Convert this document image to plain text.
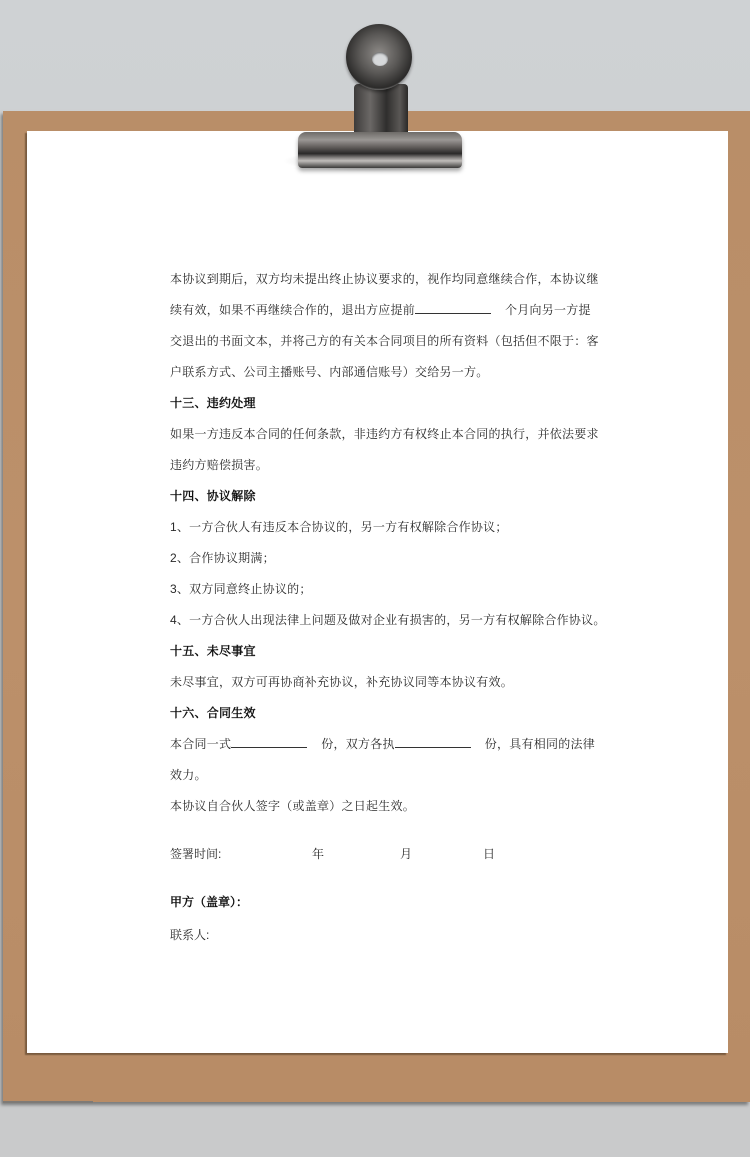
本协议到期后，双方均未提出终止协议要求的，视作均同意继续合作，本协议继
续有效，如果不再继续合作的，退出方应提前	个月向另一方提
交退出的书面文本，并将己方的有关本合同项目的所有资料（包括但不限于：客
户联系方式、公司主播账号、内部通信账号）交给另一方。
十三、违约处理
如果一方违反本合同的任何条款，非违约方有权终止本合同的执行，并依法要求
违约方赔偿损害。
十四、协议解除
1、一方合伙人有违反本合协议的，另一方有权解除合作协议；
2、合作协议期满；
3、双方同意终止协议的；
4、一方合伙人出现法律上问题及做对企业有损害的，另一方有权解除合作协议。
十五、未尽事宜
未尽事宜，双方可再协商补充协议，补充协议同等本协议有效。
十六、合同生效
本合同一式	份，双方各执	份，具有相同的法律
效力。
本协议自合伙人签字（或盖章）之日起生效。
签署时间:	年	月	日
甲方（盖章）：
联系人:
